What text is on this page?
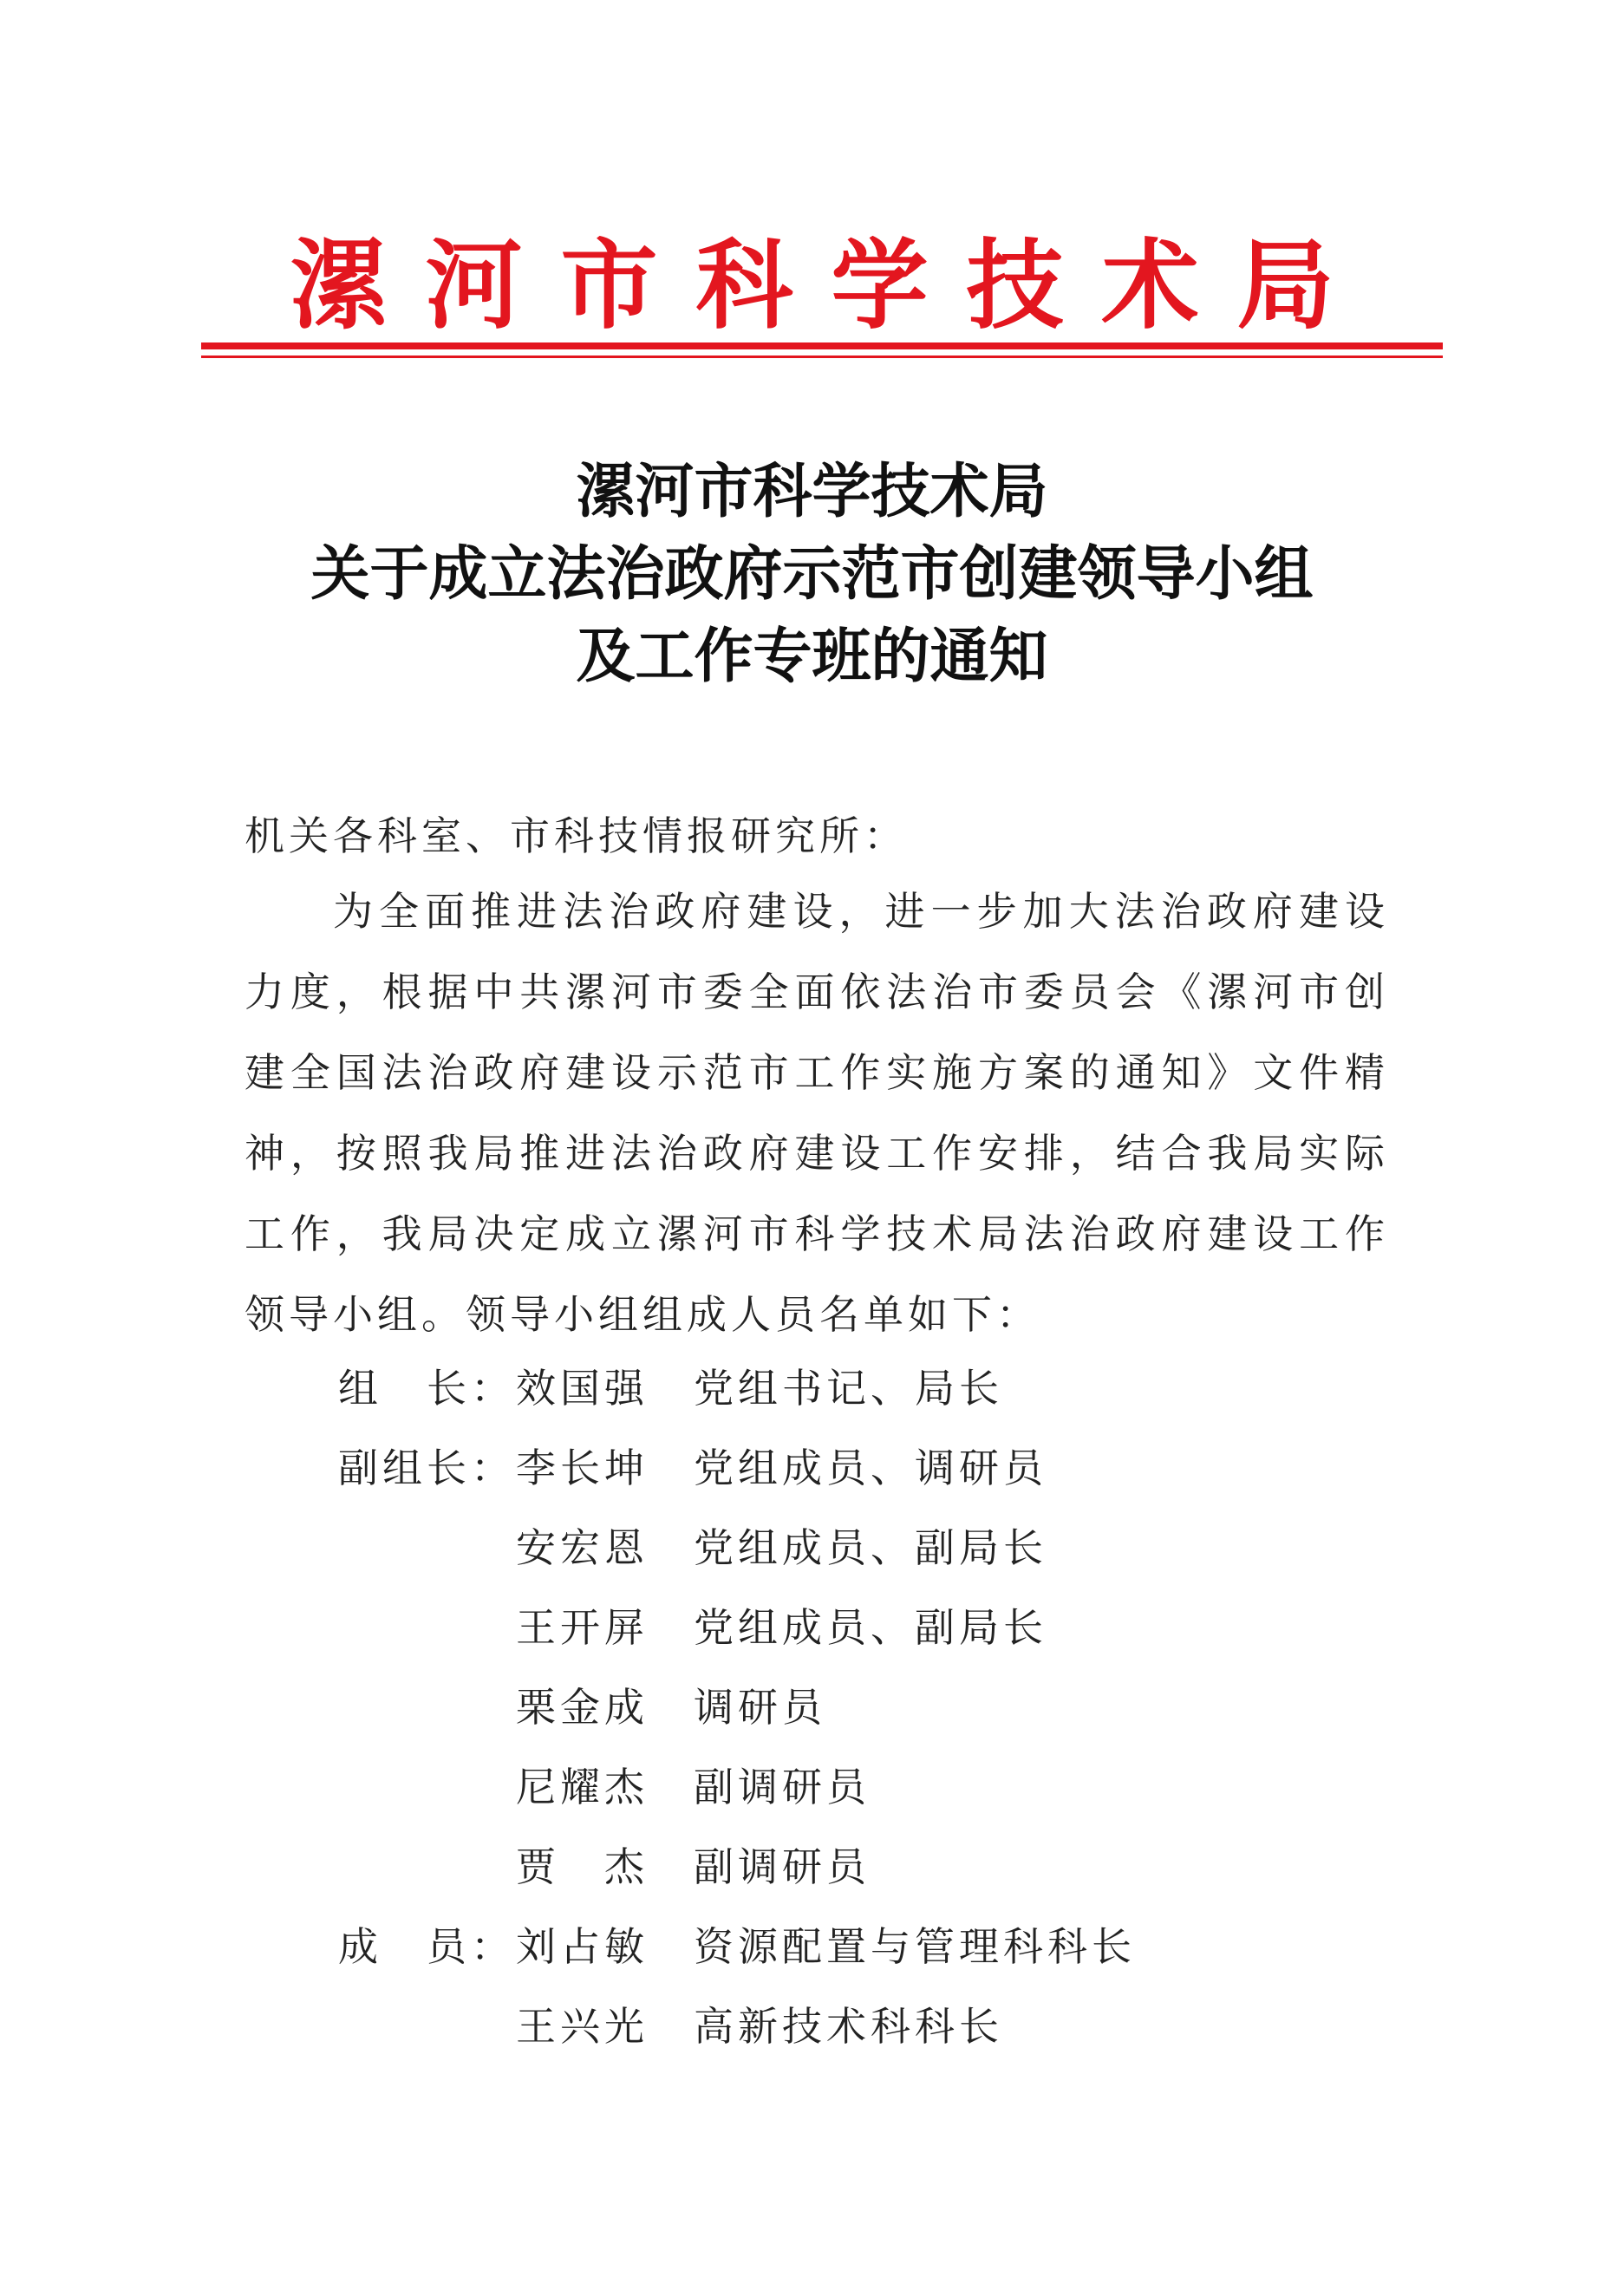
漯河市科学技术局
漯河市科学技术局
关于成立法治政府示范市创建领导小组
及工作专班的通知
机关各科室、市科技情报研究所：
为全面推进法治政府建设，进一步加大法治政府建设力度，根据中共漯河市委全面依法治市委员会《漯河市创建全国法治政府建设示范市工作实施方案的通知》文件精神，按照我局推进法治政府建设工作安排，结合我局实际工作，我局决定成立漯河市科学技术局法治政府建设工作领导小组。领导小组组成人员名单如下：
组　长：效国强 党组书记、局长
副组长：李长坤 党组成员、调研员
安宏恩 党组成员、副局长
王开屏 党组成员、副局长
栗金成 调研员
尼耀杰 副调研员
贾　杰 副调研员
成　员：刘占敏 资源配置与管理科科长
王兴光 高新技术科科长
